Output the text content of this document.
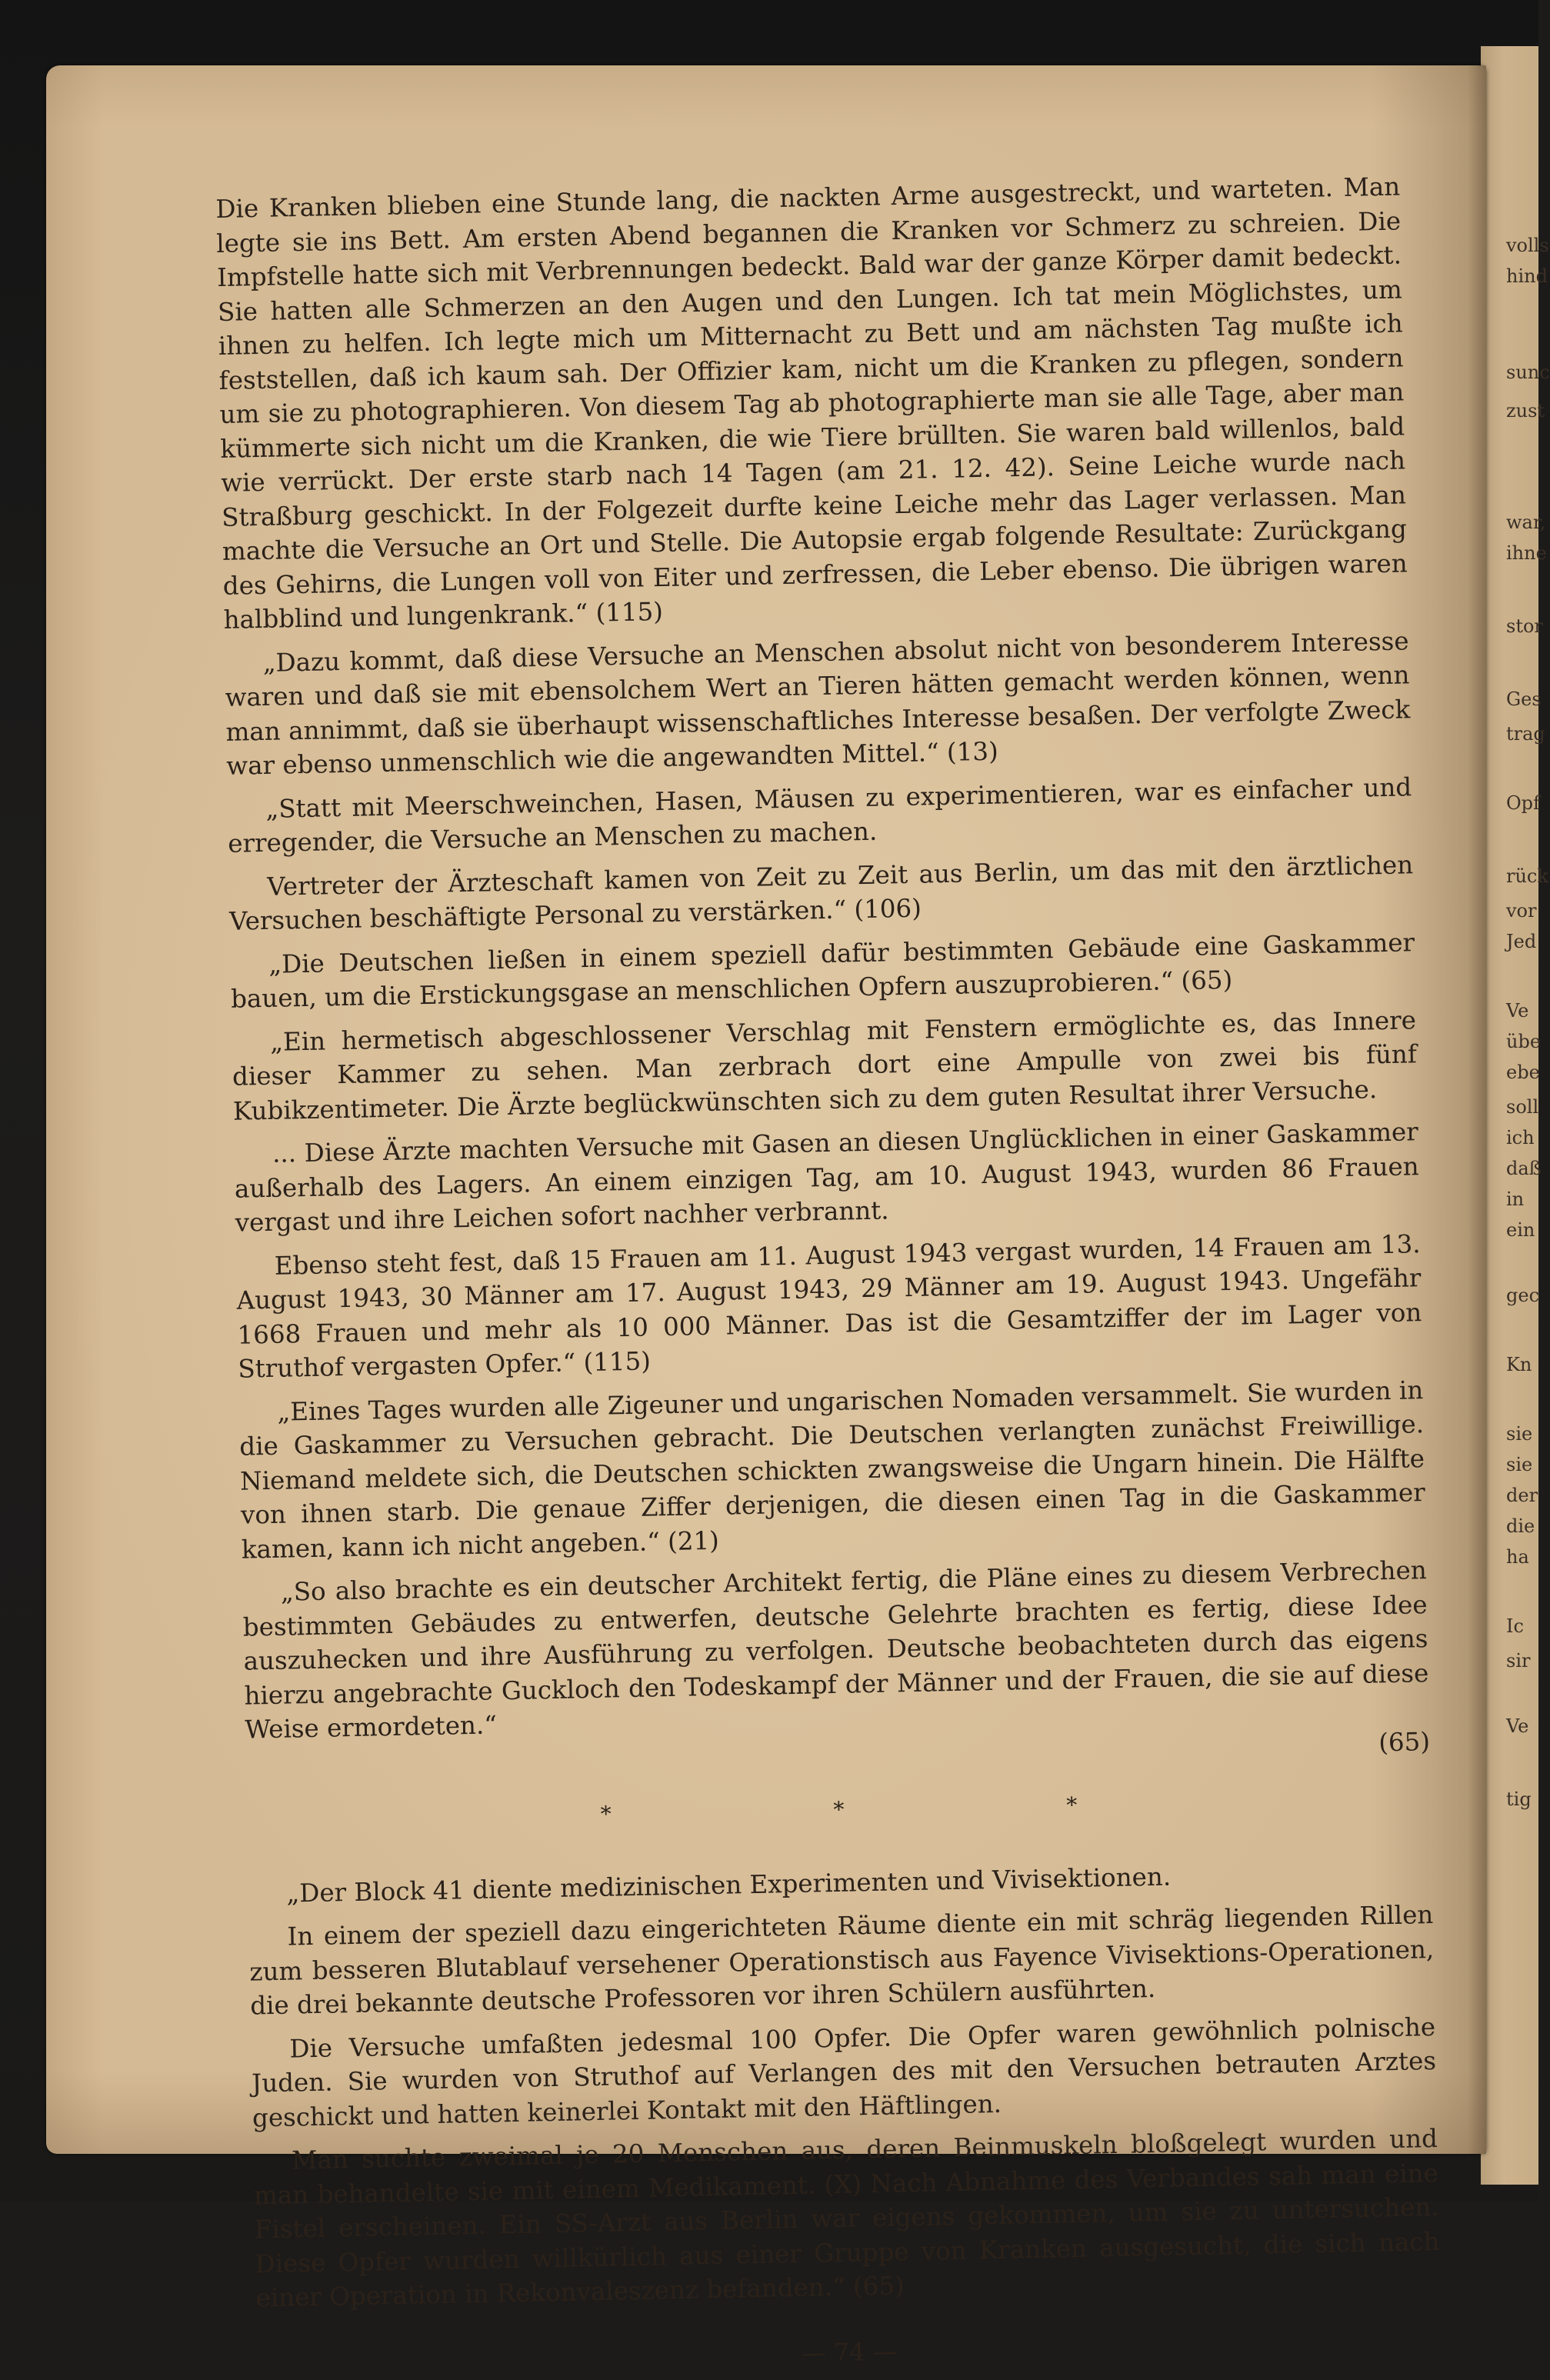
volls
hind
sunc
zust
war,
ihne
stor
Ges
trag
Opf
rück
vor
Jed
Ve
übe
ebe
soll
ich
daß
in
ein
gec
Kn
sie
sie
der
die
ha
Ic
sir
Ve
tig

Die Kranken blieben eine Stunde lang, die nackten Arme ausgestreckt, und warteten. Man legte sie ins Bett. Am ersten Abend begannen die Kranken vor Schmerz zu schreien. Die Impfstelle hatte sich mit Verbrennungen bedeckt. Bald war der ganze Körper damit bedeckt. Sie hatten alle Schmerzen an den Augen und den Lungen. Ich tat mein Möglichstes, um ihnen zu helfen. Ich legte mich um Mitternacht zu Bett und am nächsten Tag mußte ich feststellen, daß ich kaum sah. Der Offizier kam, nicht um die Kranken zu pflegen, sondern um sie zu photographieren. Von diesem Tag ab photographierte man sie alle Tage, aber man kümmerte sich nicht um die Kranken, die wie Tiere brüllten. Sie waren bald willenlos, bald wie verrückt. Der erste starb nach 14 Tagen (am 21. 12. 42). Seine Leiche wurde nach Straßburg geschickt. In der Folgezeit durfte keine Leiche mehr das Lager verlassen. Man machte die Versuche an Ort und Stelle. Die Autopsie ergab folgende Resultate: Zurückgang des Gehirns, die Lungen voll von Eiter und zerfressen, die Leber ebenso. Die übrigen waren halbblind und lungenkrank.“ (115)

„Dazu kommt, daß diese Versuche an Menschen absolut nicht von besonderem Interesse waren und daß sie mit ebensolchem Wert an Tieren hätten gemacht werden können, wenn man annimmt, daß sie überhaupt wissenschaftliches Interesse besaßen. Der verfolgte Zweck war ebenso unmenschlich wie die angewandten Mittel.“ (13)

„Statt mit Meerschweinchen, Hasen, Mäusen zu experimentieren, war es einfacher und erregender, die Versuche an Menschen zu machen.

Vertreter der Ärzteschaft kamen von Zeit zu Zeit aus Berlin, um das mit den ärztlichen Versuchen beschäftigte Personal zu verstärken.“ (106)

„Die Deutschen ließen in einem speziell dafür bestimmten Gebäude eine Gaskammer bauen, um die Erstickungsgase an menschlichen Opfern auszuprobieren.“ (65)

„Ein hermetisch abgeschlossener Verschlag mit Fenstern ermöglichte es, das Innere dieser Kammer zu sehen. Man zerbrach dort eine Ampulle von zwei bis fünf Kubikzentimeter. Die Ärzte beglückwünschten sich zu dem guten Resultat ihrer Versuche.

... Diese Ärzte machten Versuche mit Gasen an diesen Unglücklichen in einer Gaskammer außerhalb des Lagers. An einem einzigen Tag, am 10. August 1943, wurden 86 Frauen vergast und ihre Leichen sofort nachher verbrannt.

Ebenso steht fest, daß 15 Frauen am 11. August 1943 vergast wurden, 14 Frauen am 13. August 1943, 30 Männer am 17. August 1943, 29 Männer am 19. August 1943. Ungefähr 1668 Frauen und mehr als 10 000 Männer. Das ist die Gesamtziffer der im Lager von Struthof vergasten Opfer.“ (115)

„Eines Tages wurden alle Zigeuner und ungarischen Nomaden versammelt. Sie wurden in die Gaskammer zu Versuchen gebracht. Die Deutschen verlangten zunächst Freiwillige. Niemand meldete sich, die Deutschen schickten zwangsweise die Ungarn hinein. Die Hälfte von ihnen starb. Die genaue Ziffer derjenigen, die diesen einen Tag in die Gaskammer kamen, kann ich nicht angeben.“ (21)

„So also brachte es ein deutscher Architekt fertig, die Pläne eines zu diesem Verbrechen bestimmten Gebäudes zu entwerfen, deutsche Gelehrte brachten es fertig, diese Idee auszuhecken und ihre Ausführung zu verfolgen. Deutsche beobachteten durch das eigens hierzu angebrachte Guckloch den Todeskampf der Männer und der Frauen, die sie auf diese Weise ermordeten.“	(65)

* * *

„Der Block 41 diente medizinischen Experimenten und Vivisektionen.

In einem der speziell dazu eingerichteten Räume diente ein mit schräg liegenden Rillen zum besseren Blutablauf versehener Operationstisch aus Fayence Vivisektions-Operationen, die drei bekannte deutsche Professoren vor ihren Schülern ausführten.

Die Versuche umfaßten jedesmal 100 Opfer. Die Opfer waren gewöhnlich polnische Juden. Sie wurden von Struthof auf Verlangen des mit den Versuchen betrauten Arztes geschickt und hatten keinerlei Kontakt mit den Häftlingen.

Man suchte zweimal je 20 Menschen aus, deren Beinmuskeln bloßgelegt wurden und man behandelte sie mit einem Medikament. (X) Nach Abnahme des Verbandes sah man eine Fistel erscheinen. Ein SS-Arzt aus Berlin war eigens gekommen, um sie zu untersuchen. Diese Opfer wurden willkürlich aus einer Gruppe von Kranken ausgesucht, die sich nach einer Operation in Rekonvaleszenz befanden.“ (65)

— 74 —
